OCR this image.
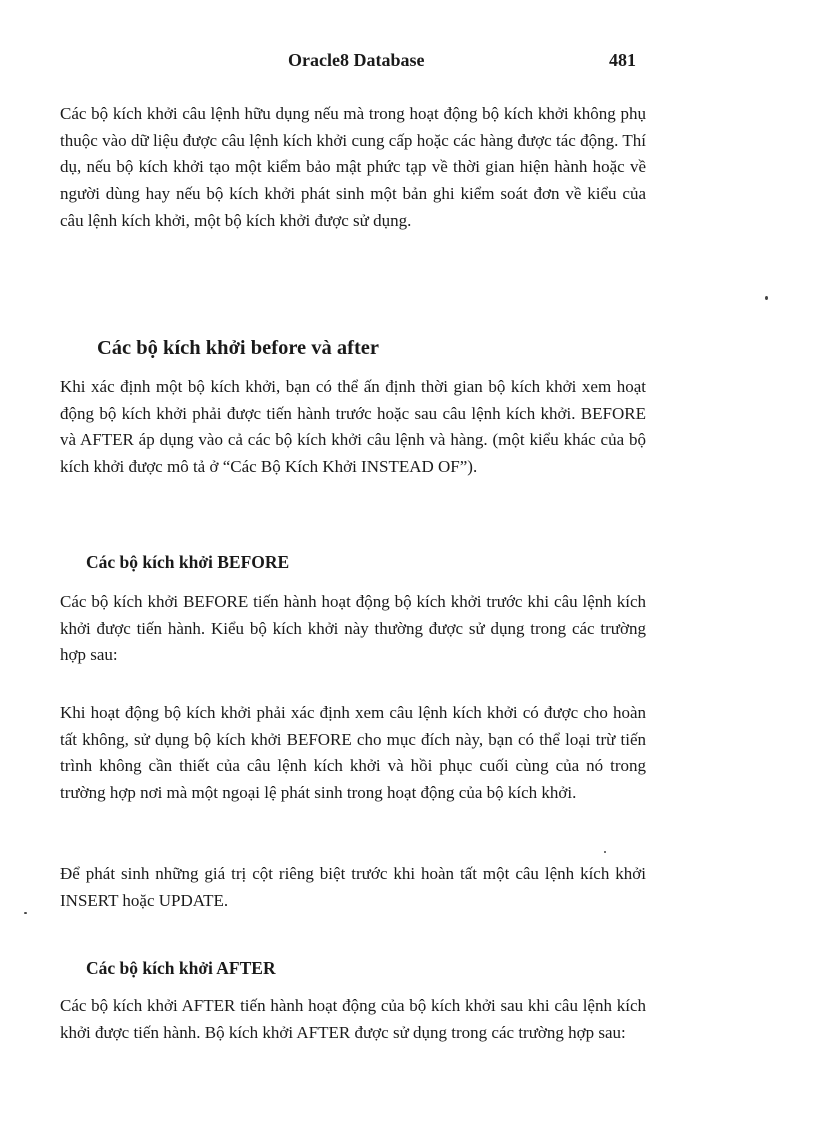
Oracle8 Database	481

Các bộ kích khởi câu lệnh hữu dụng nếu mà trong hoạt động bộ kích khởi không phụ thuộc vào dữ liệu được câu lệnh kích khởi cung cấp hoặc các hàng được tác động. Thí dụ, nếu bộ kích khởi tạo một kiểm bảo mật phức tạp về thời gian hiện hành hoặc về người dùng hay nếu bộ kích khởi phát sinh một bản ghi kiểm soát đơn về kiểu của câu lệnh kích khởi, một bộ kích khởi được sử dụng.

Các bộ kích khởi before và after

Khi xác định một bộ kích khởi, bạn có thể ấn định thời gian bộ kích khởi xem hoạt động bộ kích khởi phải được tiến hành trước hoặc sau câu lệnh kích khởi. BEFORE và AFTER áp dụng vào cả các bộ kích khởi câu lệnh và hàng. (một kiểu khác của bộ kích khởi được mô tả ở “Các Bộ Kích Khởi INSTEAD OF”).

Các bộ kích khởi BEFORE

Các bộ kích khởi BEFORE tiến hành hoạt động bộ kích khởi trước khi câu lệnh kích khởi được tiến hành. Kiểu bộ kích khởi này thường được sử dụng trong các trường hợp sau:

Khi hoạt động bộ kích khởi phải xác định xem câu lệnh kích khởi có được cho hoàn tất không, sử dụng bộ kích khởi BEFORE cho mục đích này, bạn có thể loại trừ tiến trình không cần thiết của câu lệnh kích khởi và hồi phục cuối cùng của nó trong trường hợp nơi mà một ngoại lệ phát sinh trong hoạt động của bộ kích khởi.

Để phát sinh những giá trị cột riêng biệt trước khi hoàn tất một câu lệnh kích khởi INSERT hoặc UPDATE.

Các bộ kích khởi AFTER

Các bộ kích khởi AFTER tiến hành hoạt động của bộ kích khởi sau khi câu lệnh kích khởi được tiến hành. Bộ kích khởi AFTER được sử dụng trong các trường hợp sau:
